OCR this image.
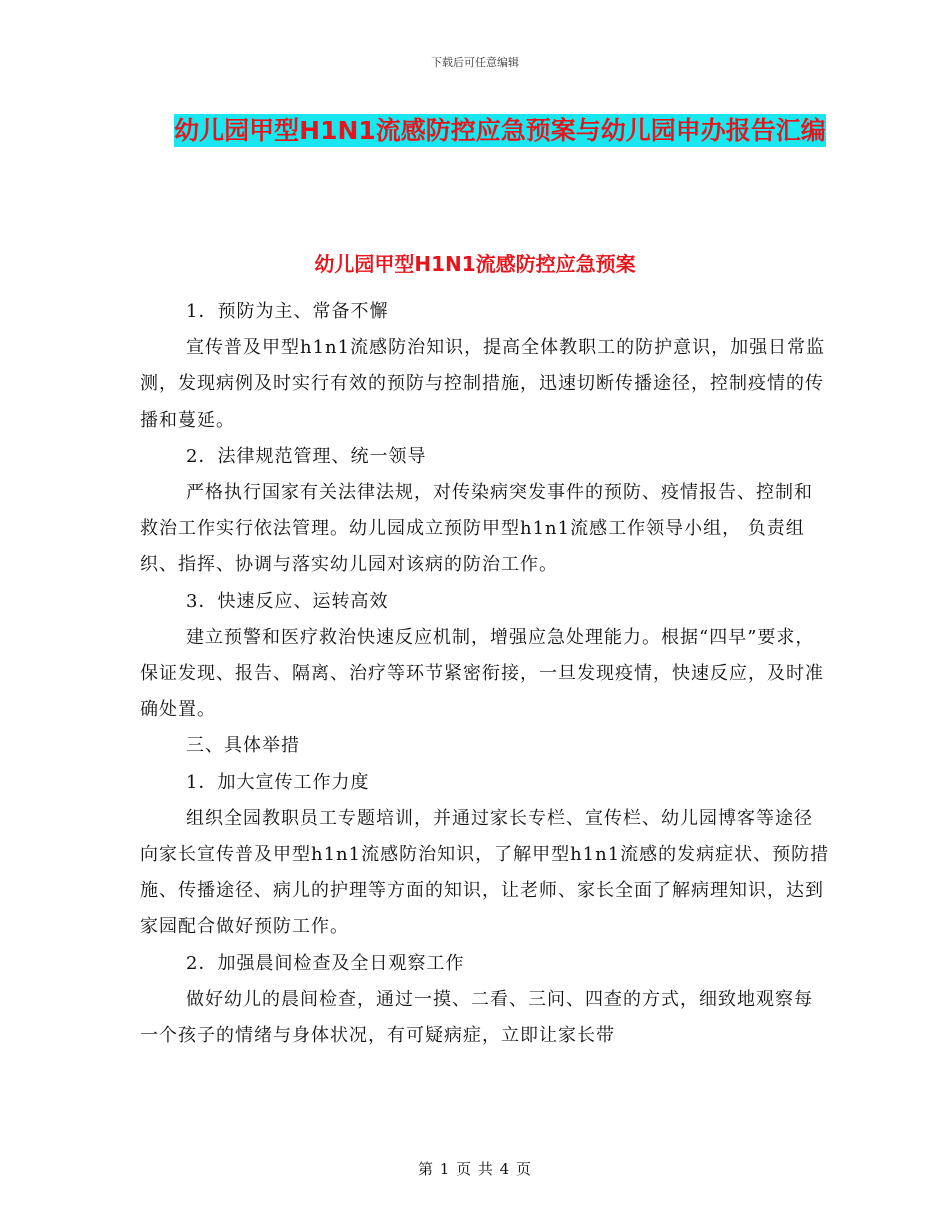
下载后可任意编辑
幼儿园甲型H1N1流感防控应急预案与幼儿园申办报告汇编
幼儿园甲型H1N1流感防控应急预案

1．预防为主、常备不懈

宣传普及甲型h1n1流感防治知识，提高全体教职工的防护意识，加强日常监测，发现病例及时实行有效的预防与控制措施，迅速切断传播途径，控制疫情的传播和蔓延。

2．法律规范管理、统一领导

严格执行国家有关法律法规，对传染病突发事件的预防、疫情报告、控制和救治工作实行依法管理。幼儿园成立预防甲型h1n1流感工作领导小组， 负责组织、指挥、协调与落实幼儿园对该病的防治工作。

3．快速反应、运转高效

建立预警和医疗救治快速反应机制，增强应急处理能力。根据“四早”要求，保证发现、报告、隔离、治疗等环节紧密衔接，一旦发现疫情，快速反应，及时准确处置。

三、具体举措

1．加大宣传工作力度

组织全园教职员工专题培训，并通过家长专栏、宣传栏、幼儿园博客等途径向家长宣传普及甲型h1n1流感防治知识，了解甲型h1n1流感的发病症状、预防措施、传播途径、病儿的护理等方面的知识，让老师、家长全面了解病理知识，达到家园配合做好预防工作。

2．加强晨间检查及全日观察工作

做好幼儿的晨间检查，通过一摸、二看、三问、四查的方式，细致地观察每一个孩子的情绪与身体状况，有可疑病症，立即让家长带

第 1 页 共 4 页
